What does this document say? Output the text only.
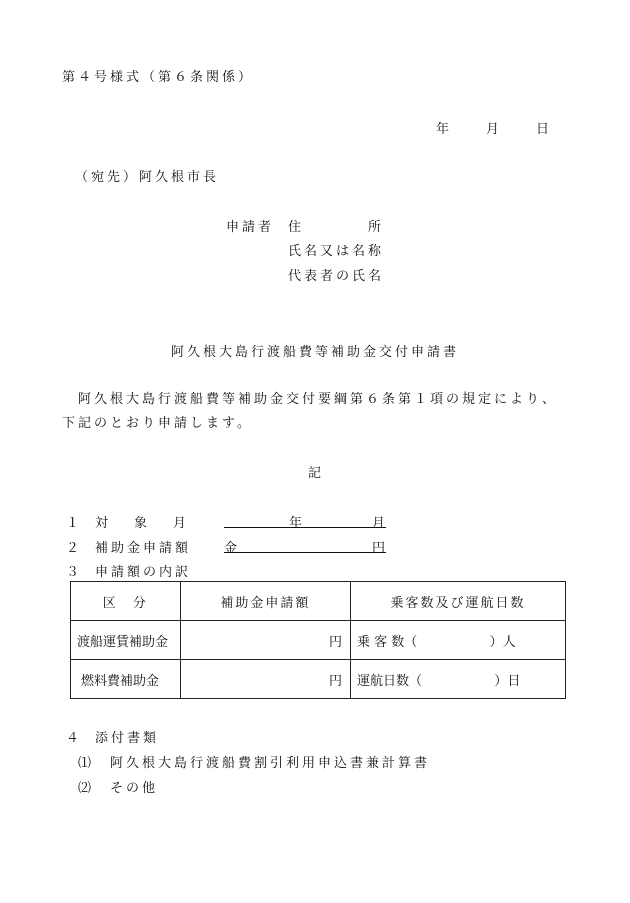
第４号様式（第６条関係）
年	月	日
（宛先）阿久根市長
申請者 住　　　　所
氏名又は名称
代表者の氏名
阿久根大島行渡船費等補助金交付申請書
阿久根大島行渡船費等補助金交付要綱第６条第１項の規定により、
下記のとおり申請します。
記
１ 対　　象　　月	年	月
２ 補助金申請額	金	円
３ 申請額の内訳
区　分	補助金申請額	乗客数及び運航日数
渡船運賃補助金	円	乗 客 数（ ）人
燃料費補助金	円	運航日数（ ）日
４ 添付書類
⑴ 阿久根大島行渡船費割引利用申込書兼計算書
⑵ その他
